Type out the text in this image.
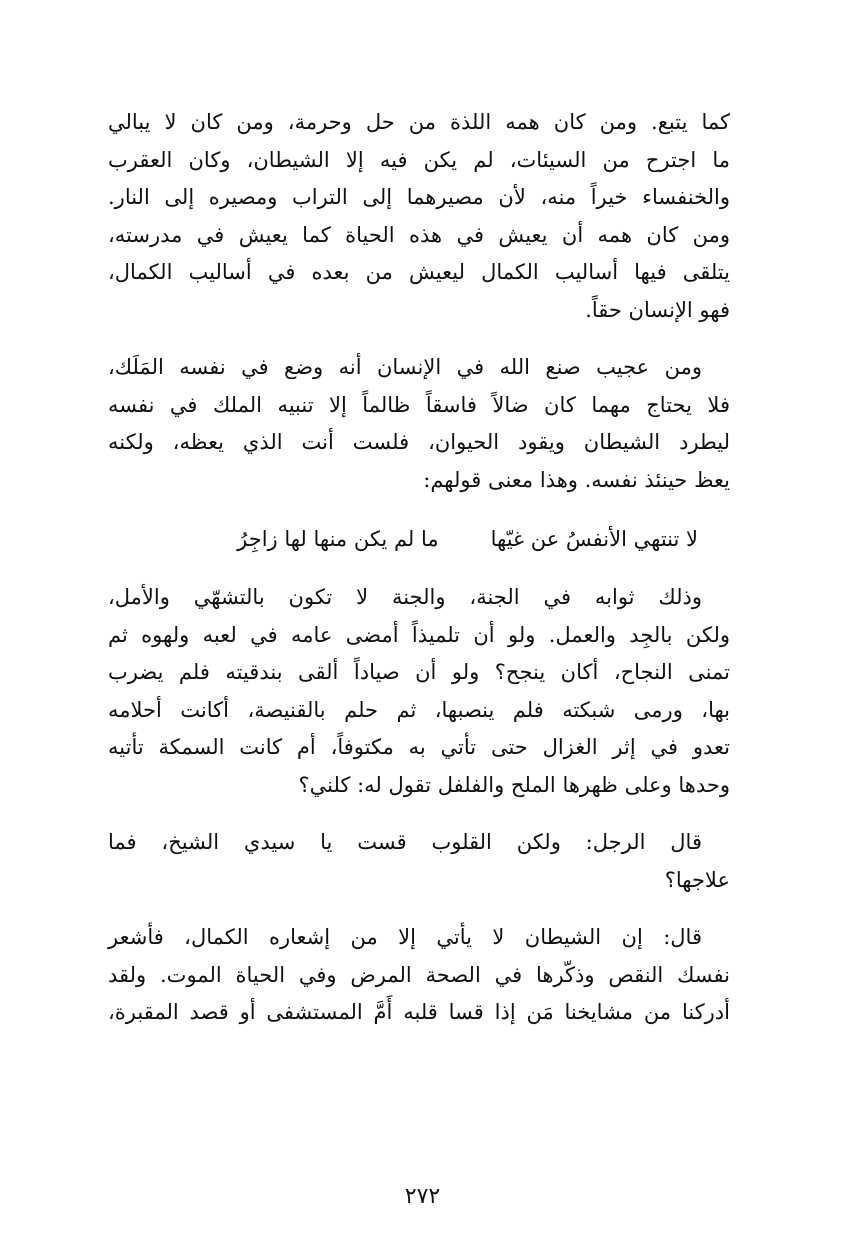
كما يتبع. ومن كان همه اللذة من حل وحرمة، ومن كان لا يبالي
ما اجترح من السيئات، لم يكن فيه إلا الشيطان، وكان العقرب
والخنفساء خيراً منه، لأن مصيرهما إلى التراب ومصيره إلى النار.
ومن كان همه أن يعيش في هذه الحياة كما يعيش في مدرسته،
يتلقى فيها أساليب الكمال ليعيش من بعده في أساليب الكمال،
فهو الإنسان حقاً.
ومن عجيب صنع الله في الإنسان أنه وضع في نفسه المَلَك،
فلا يحتاج مهما كان ضالاً فاسقاً ظالماً إلا تنبيه الملك في نفسه
ليطرد الشيطان ويقود الحيوان، فلست أنت الذي يعظه، ولكنه
يعظ حينئذ نفسه. وهذا معنى قولهم:
لا تنتهي الأنفسُ عن غيّها
ما لم يكن منها لها زاجِرُ
وذلك ثوابه في الجنة، والجنة لا تكون بالتشهّي والأمل،
ولكن بالجِد والعمل. ولو أن تلميذاً أمضى عامه في لعبه ولهوه ثم
تمنى النجاح، أكان ينجح؟ ولو أن صياداً ألقى بندقيته فلم يضرب
بها، ورمى شبكته فلم ينصبها، ثم حلم بالقنيصة، أكانت أحلامه
تعدو في إثر الغزال حتى تأتي به مكتوفاً، أم كانت السمكة تأتيه
وحدها وعلى ظهرها الملح والفلفل تقول له: كلني؟
قال الرجل: ولكن القلوب قست يا سيدي الشيخ، فما
علاجها؟
قال: إن الشيطان لا يأتي إلا من إشعاره الكمال، فأشعر
نفسك النقص وذكّرها في الصحة المرض وفي الحياة الموت. ولقد
أدركنا من مشايخنا مَن إذا قسا قلبه أَمَّ المستشفى أو قصد المقبرة،
٢٧٢
